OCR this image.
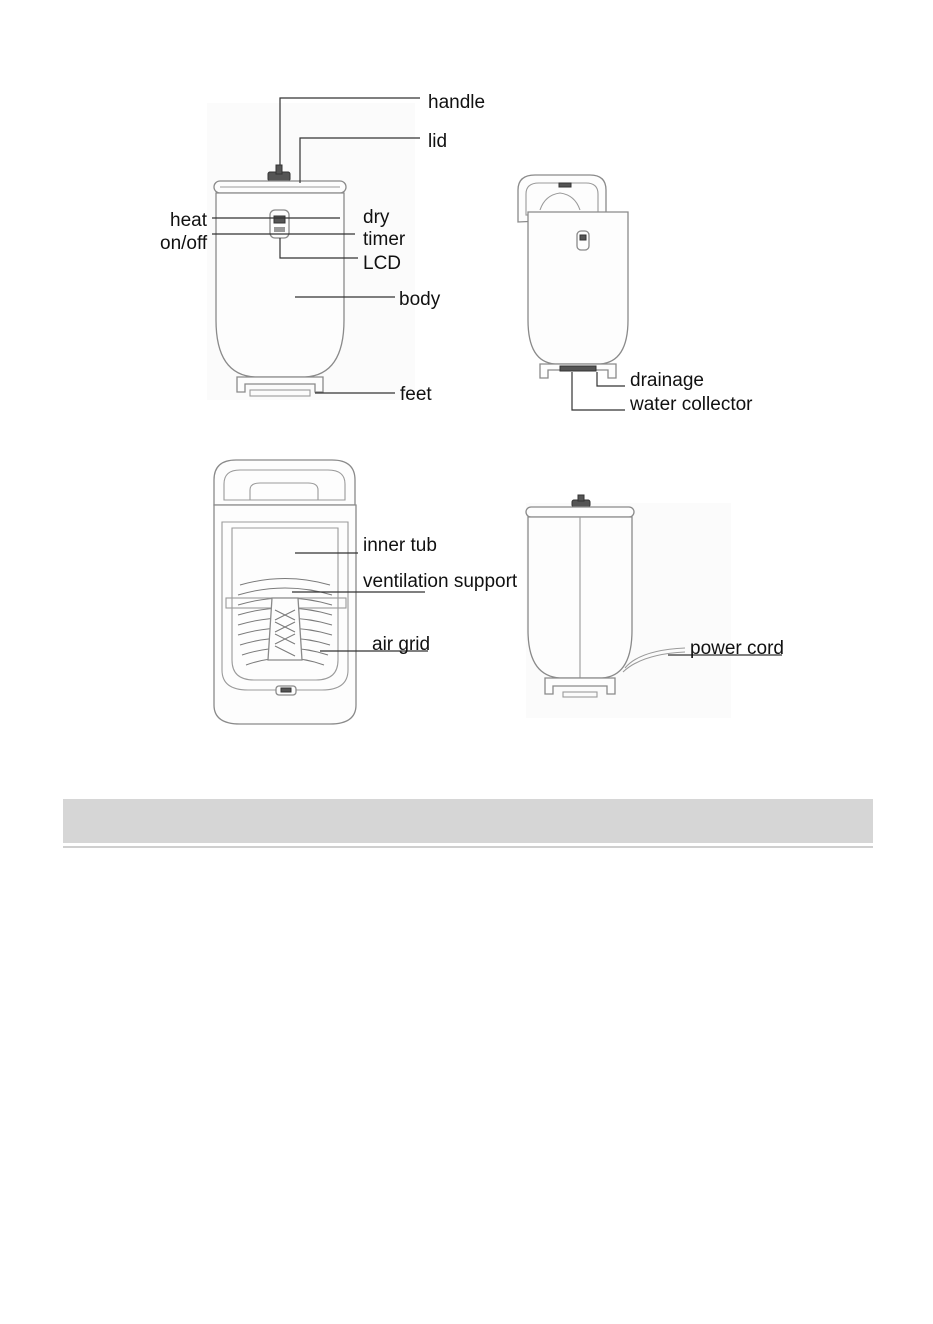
handle
lid
heat
on/off
dry
timer
LCD
body
feet
drainage
water collector
inner tub
ventilation support
air grid	power cord
